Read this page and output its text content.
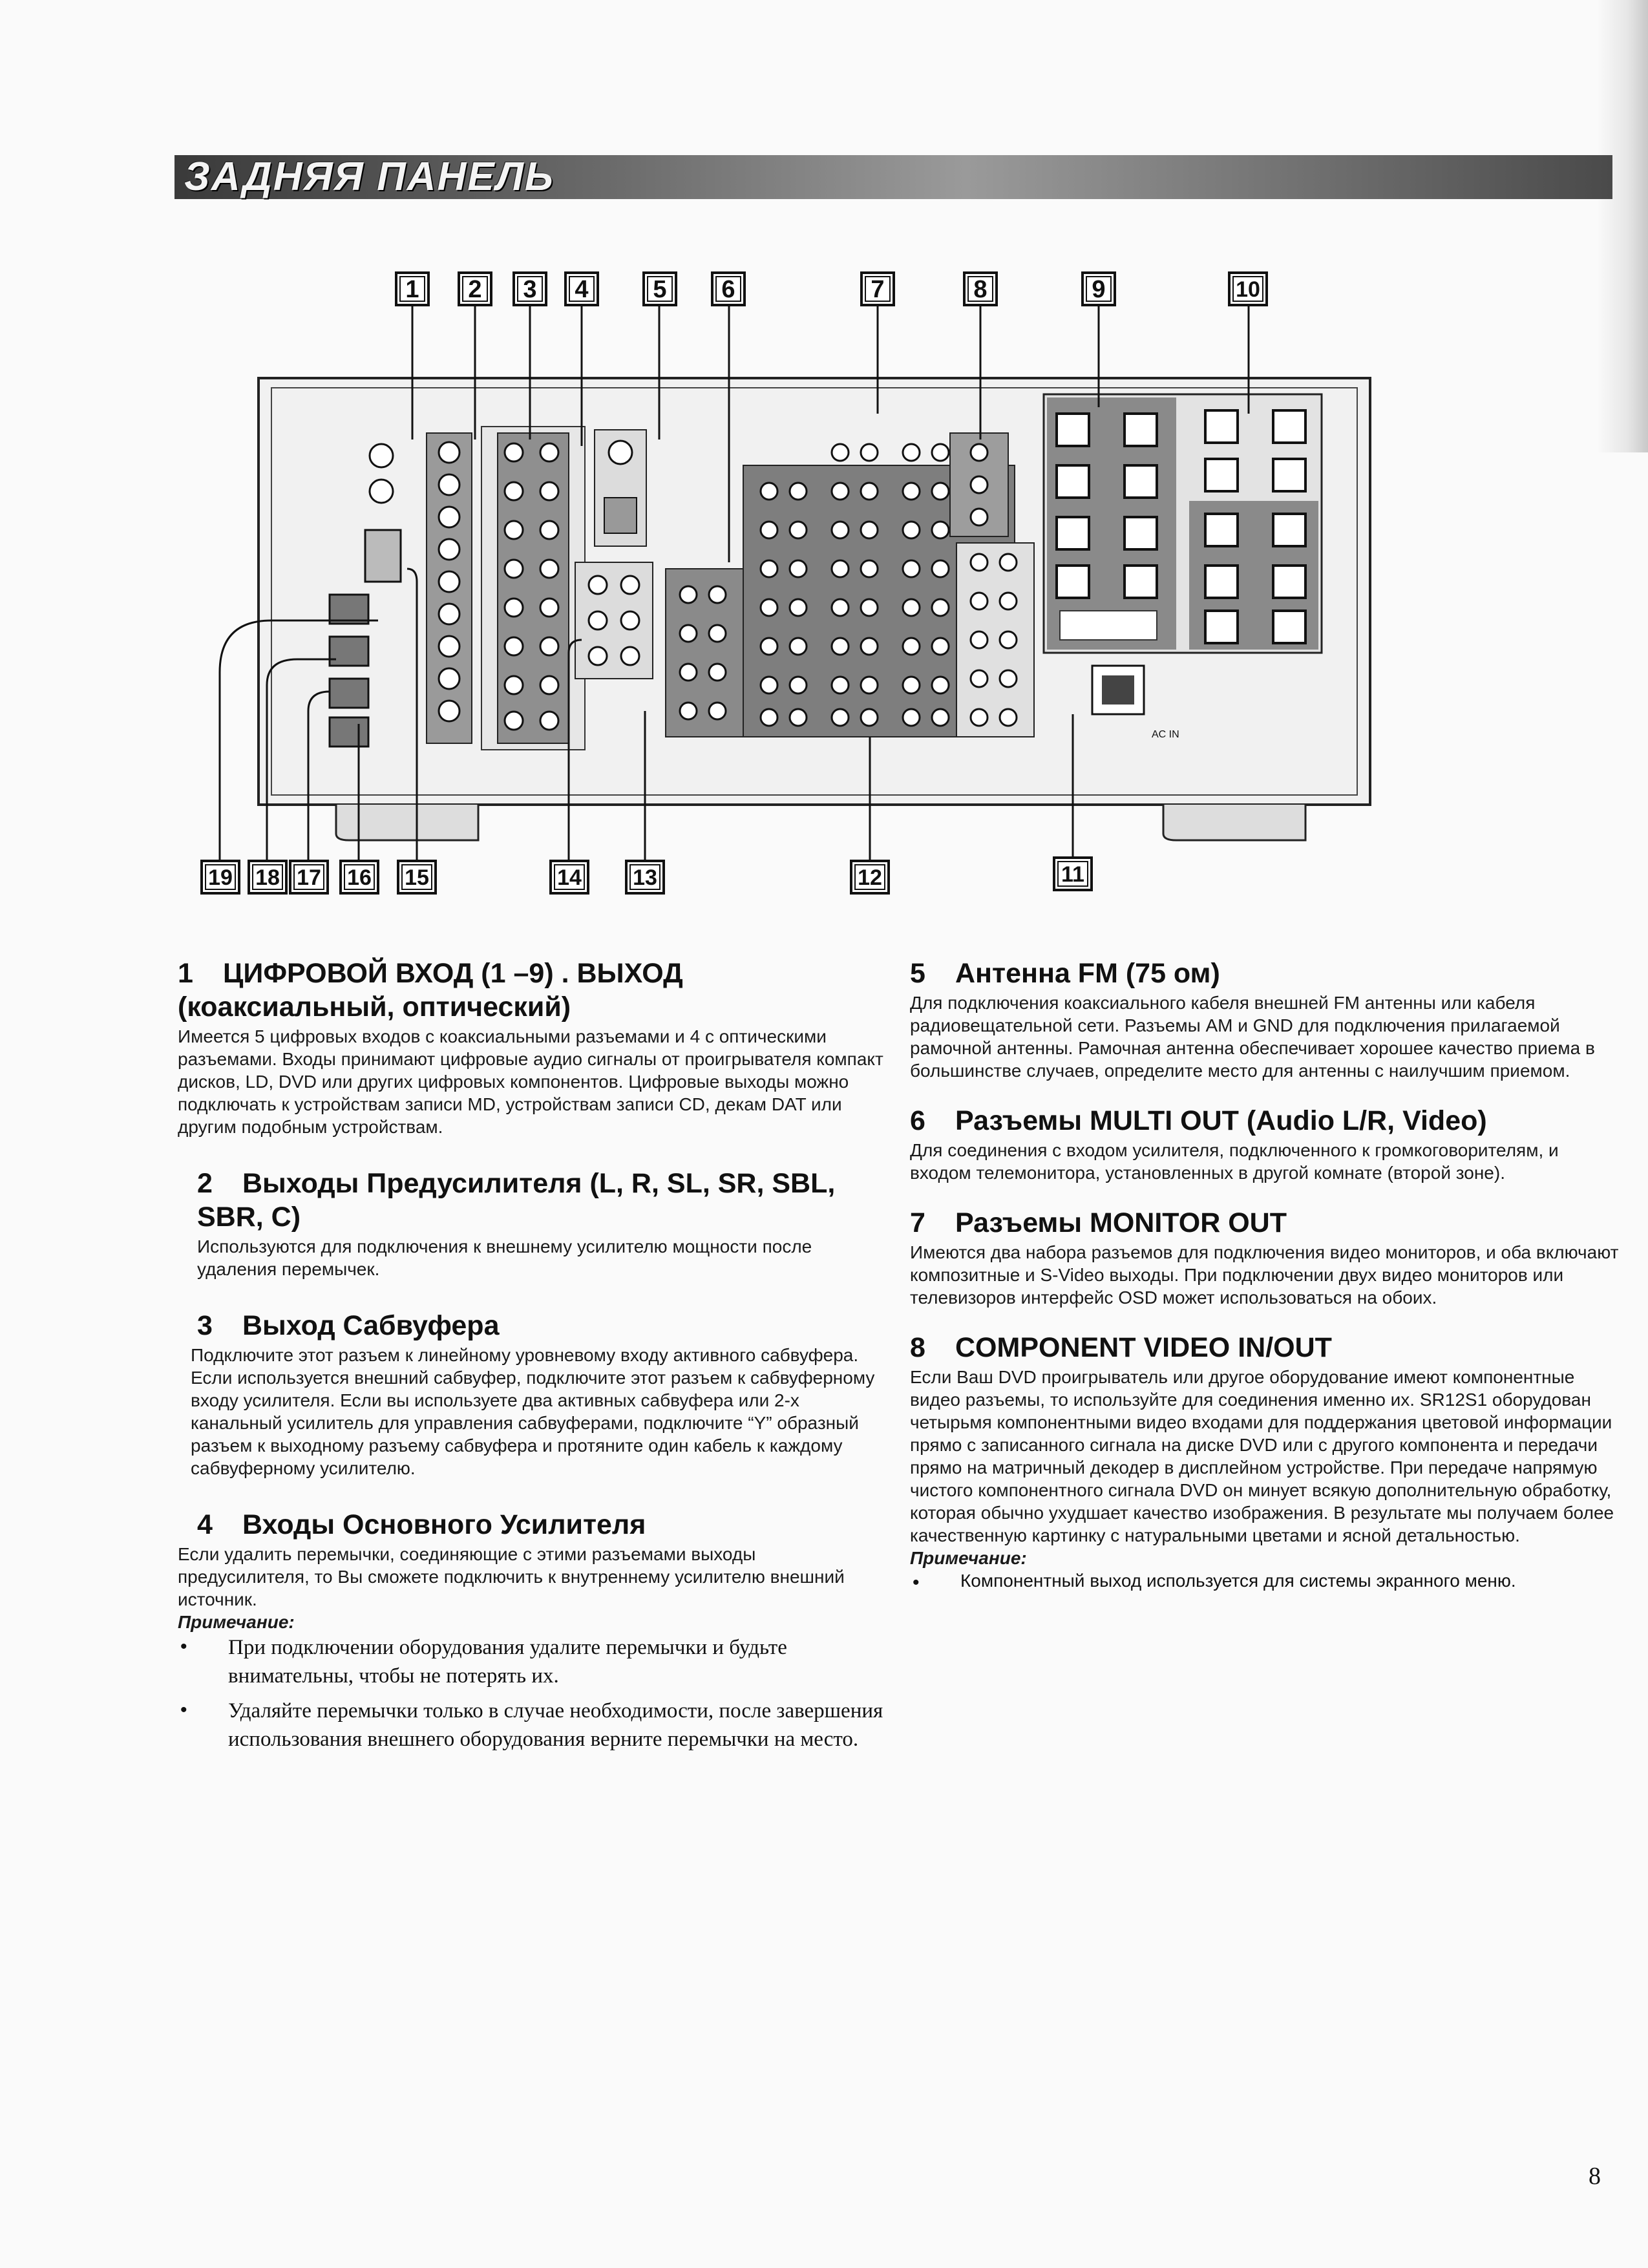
ЗАДНЯЯ ПАНЕЛЬ
1 2 3 4	5 6	7	8	9	10
19 18 17 16 15	14 13	12	11
AC IN
1 ЦИФРОВОЙ ВХОД (1 –9) . ВЫХОД (коаксиальный, оптический)

Имеется 5 цифровых входов с коаксиальными разъемами и 4 с оптическими разъемами. Входы принимают цифровые аудио сигналы от проигрывателя компакт дисков, LD, DVD или других цифровых компонентов. Цифровые выходы можно подключать к устройствам записи MD, устройствам записи CD, декам DAT или другим подобным устройствам.

2 Выходы Предусилителя (L, R, SL, SR, SBL, SBR, C)

Используются для подключения к внешнему усилителю мощности после удаления перемычек.

3 Выход Сабвуфера

Подключите этот разъем к линейному уровневому входу активного сабвуфера. Если используется внешний сабвуфер, подключите этот разъем к сабвуферному входу усилителя. Если вы используете два активных сабвуфера или 2-х канальный усилитель для управления сабвуферами, подключите “Y” образный разъем к выходному разъему сабвуфера и протяните один кабель к каждому сабвуферному усилителю.

4 Входы Основного Усилителя

Если удалить перемычки, соединяющие с этими разъемами выходы предусилителя, то Вы сможете подключить к внутреннему усилителю внешний источник.

Примечание:

• При подключении оборудования удалите перемычки и будьте внимательны, чтобы не потерять их.
• Удаляйте перемычки только в случае необходимости, после завершения использования внешнего оборудования верните перемычки на место.
5 Антенна FM (75 ом)

Для подключения коаксиального кабеля внешней FM антенны или кабеля радиовещательной сети. Разъемы AM и GND для подключения прилагаемой рамочной антенны. Рамочная антенна обеспечивает хорошее качество приема в большинстве случаев, определите место для антенны с наилучшим приемом.

6 Разъемы MULTI OUT (Audio L/R, Video)

Для соединения с входом усилителя, подключенного к громкоговорителям, и входом телемонитора, установленных в другой комнате (второй зоне).

7 Разъемы MONITOR OUT

Имеются два набора разъемов для подключения видео мониторов, и оба включают композитные и S-Video выходы. При подключении двух видео мониторов или телевизоров интерфейс OSD может использоваться на обоих.

8 COMPONENT VIDEO IN/OUT

Если Ваш DVD проигрыватель или другое оборудование имеют компонентные видео разъемы, то используйте для соединения именно их. SR12S1 оборудован четырьмя компонентными видео входами для поддержания цветовой информации прямо с записанного сигнала на диске DVD или с другого компонента и передачи прямо на матричный декодер в дисплейном устройстве. При передаче напрямую чистого компонентного сигнала DVD он минует всякую дополнительную обработку, которая обычно ухудшает качество изображения. В результате мы получаем более качественную картинку с натуральными цветами и ясной детальностью.

Примечание:

• Компонентный выход используется для системы экранного меню.
8
